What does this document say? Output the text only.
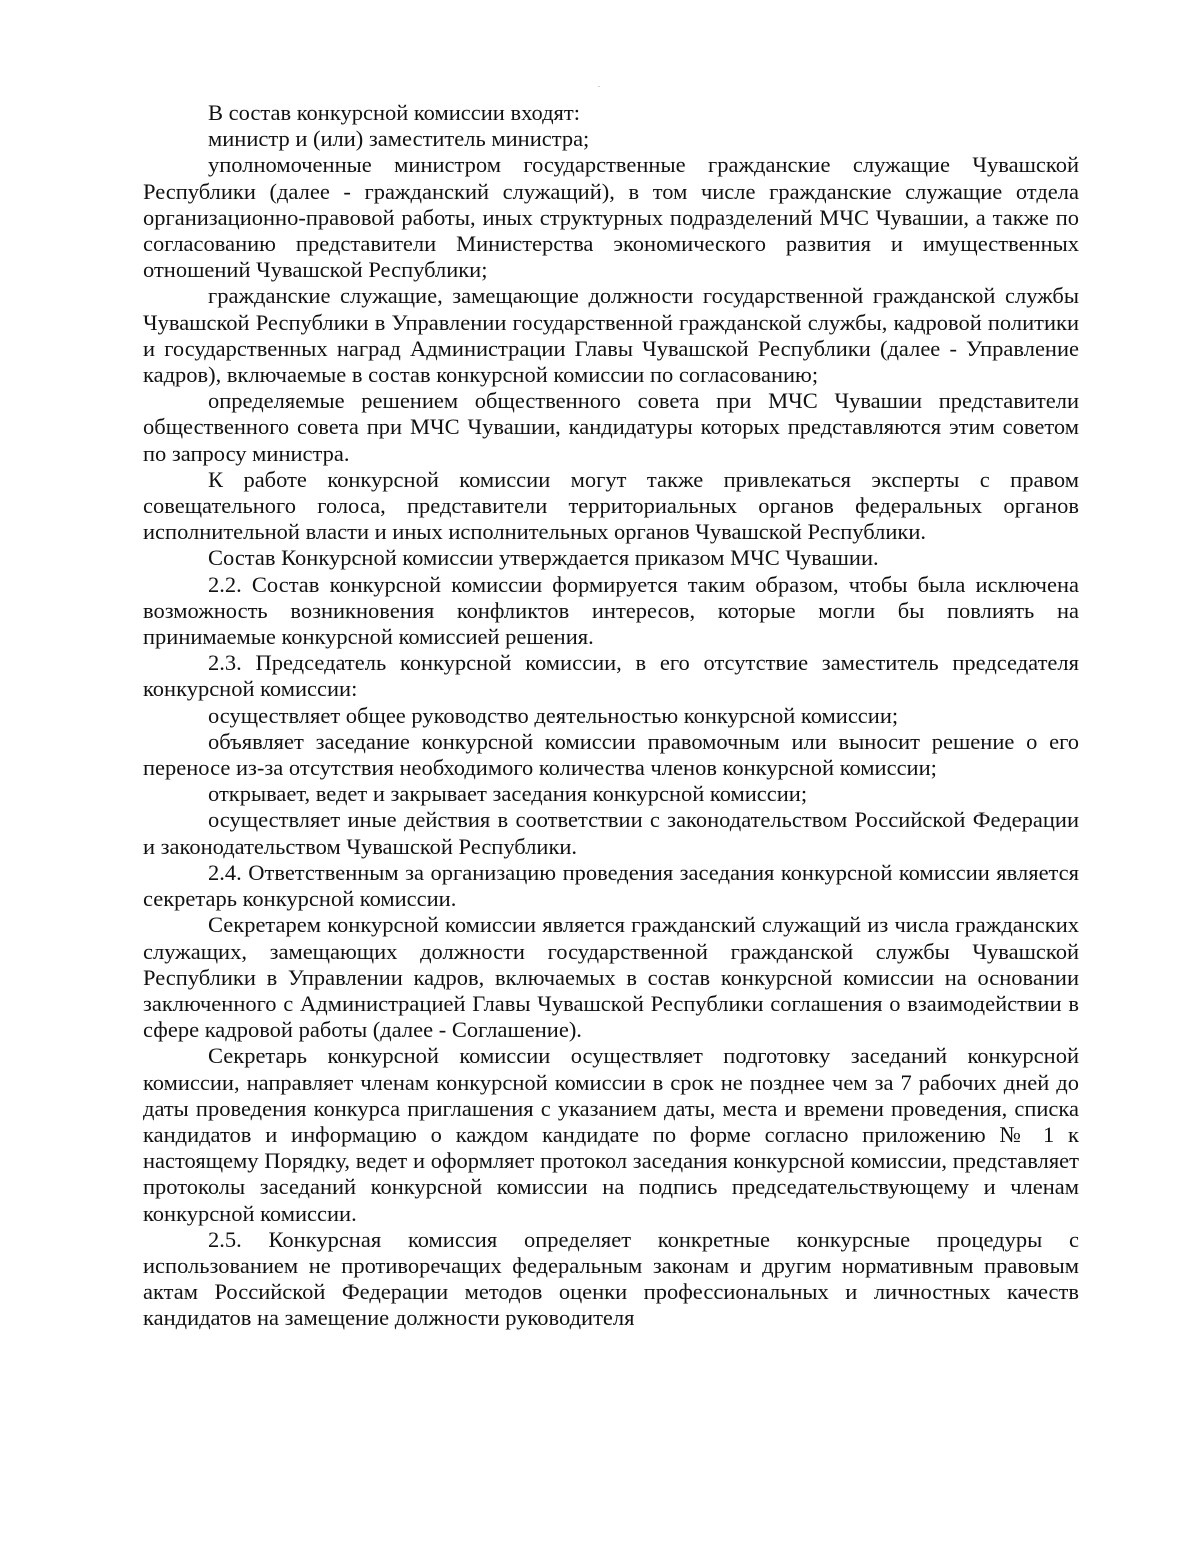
В состав конкурсной комиссии входят:

министр и (или) заместитель министра;

уполномоченные министром государственные гражданские служащие Чувашской Республики (далее - гражданский служащий), в том числе гражданские служащие отдела организационно-правовой работы, иных структурных подразделений МЧС Чувашии, а также по согласованию представители Министерства экономического развития и имущественных отношений Чувашской Республики;

гражданские служащие, замещающие должности государственной гражданской службы Чувашской Республики в Управлении государственной гражданской службы, кадровой политики и государственных наград Администрации Главы Чувашской Республики (далее - Управление кадров), включаемые в состав конкурсной комиссии по согласованию;

определяемые решением общественного совета при МЧС Чувашии представители общественного совета при МЧС Чувашии, кандидатуры которых представляются этим советом по запросу министра.

К работе конкурсной комиссии могут также привлекаться эксперты с правом совещательного голоса, представители территориальных органов федеральных органов исполнительной власти и иных исполнительных органов Чувашской Республики.

Состав Конкурсной комиссии утверждается приказом МЧС Чувашии.

2.2. Состав конкурсной комиссии формируется таким образом, чтобы была исключена возможность возникновения конфликтов интересов, которые могли бы повлиять на принимаемые конкурсной комиссией решения.

2.3. Председатель конкурсной комиссии, в его отсутствие заместитель председателя конкурсной комиссии:

осуществляет общее руководство деятельностью конкурсной комиссии;

объявляет заседание конкурсной комиссии правомочным или выносит решение о его переносе из-за отсутствия необходимого количества членов конкурсной комиссии;

открывает, ведет и закрывает заседания конкурсной комиссии;

осуществляет иные действия в соответствии с законодательством Российской Федерации и законодательством Чувашской Республики.

2.4. Ответственным за организацию проведения заседания конкурсной комиссии является секретарь конкурсной комиссии.

Секретарем конкурсной комиссии является гражданский служащий из числа гражданских служащих, замещающих должности государственной гражданской службы Чувашской Республики в Управлении кадров, включаемых в состав конкурсной комиссии на основании заключенного с Администрацией Главы Чувашской Республики соглашения о взаимодействии в сфере кадровой работы (далее - Соглашение).

Секретарь конкурсной комиссии осуществляет подготовку заседаний конкурсной комиссии, направляет членам конкурсной комиссии в срок не позднее чем за 7 рабочих дней до даты проведения конкурса приглашения с указанием даты, места и времени проведения, списка кандидатов и информацию о каждом кандидате по форме согласно приложению № 1 к настоящему Порядку, ведет и оформляет протокол заседания конкурсной комиссии, представляет протоколы заседаний конкурсной комиссии на подпись председательствующему и членам конкурсной комиссии.

2.5. Конкурсная комиссия определяет конкретные конкурсные процедуры с использованием не противоречащих федеральным законам и другим нормативным правовым актам Российской Федерации методов оценки профессиональных и личностных качеств кандидатов на замещение должности руководителя
